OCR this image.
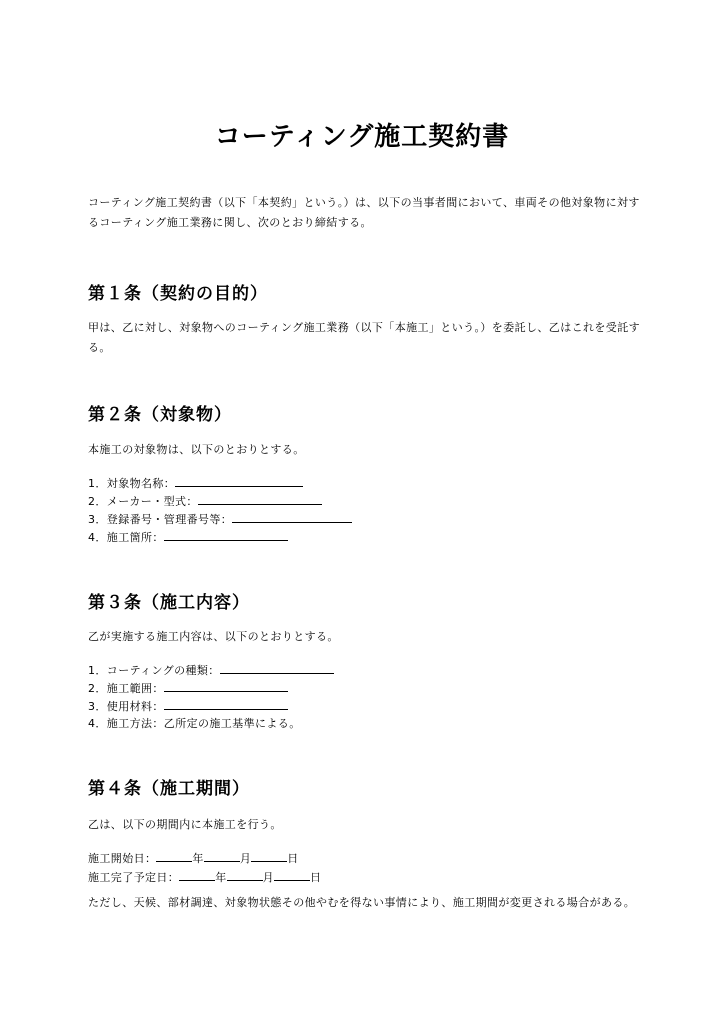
コーティング施工契約書
コーティング施工契約書（以下「本契約」という。）は、以下の当事者間において、車両その他対象物に対するコーティング施工業務に関し、次のとおり締結する。
第１条（契約の目的）
甲は、乙に対し、対象物へのコーティング施工業務（以下「本施工」という。）を委託し、乙はこれを受託する。
第２条（対象物）
本施工の対象物は、以下のとおりとする。
1．対象物名称：
2．メーカー・型式：
3．登録番号・管理番号等：
4．施工箇所：
第３条（施工内容）
乙が実施する施工内容は、以下のとおりとする。
1．コーティングの種類：
2．施工範囲：
3．使用材料：
4．施工方法：乙所定の施工基準による。
第４条（施工期間）
乙は、以下の期間内に本施工を行う。
施工開始日：	年	月	日
施工完了予定日：	年	月	日
ただし、天候、部材調達、対象物状態その他やむを得ない事情により、施工期間が変更される場合がある。
